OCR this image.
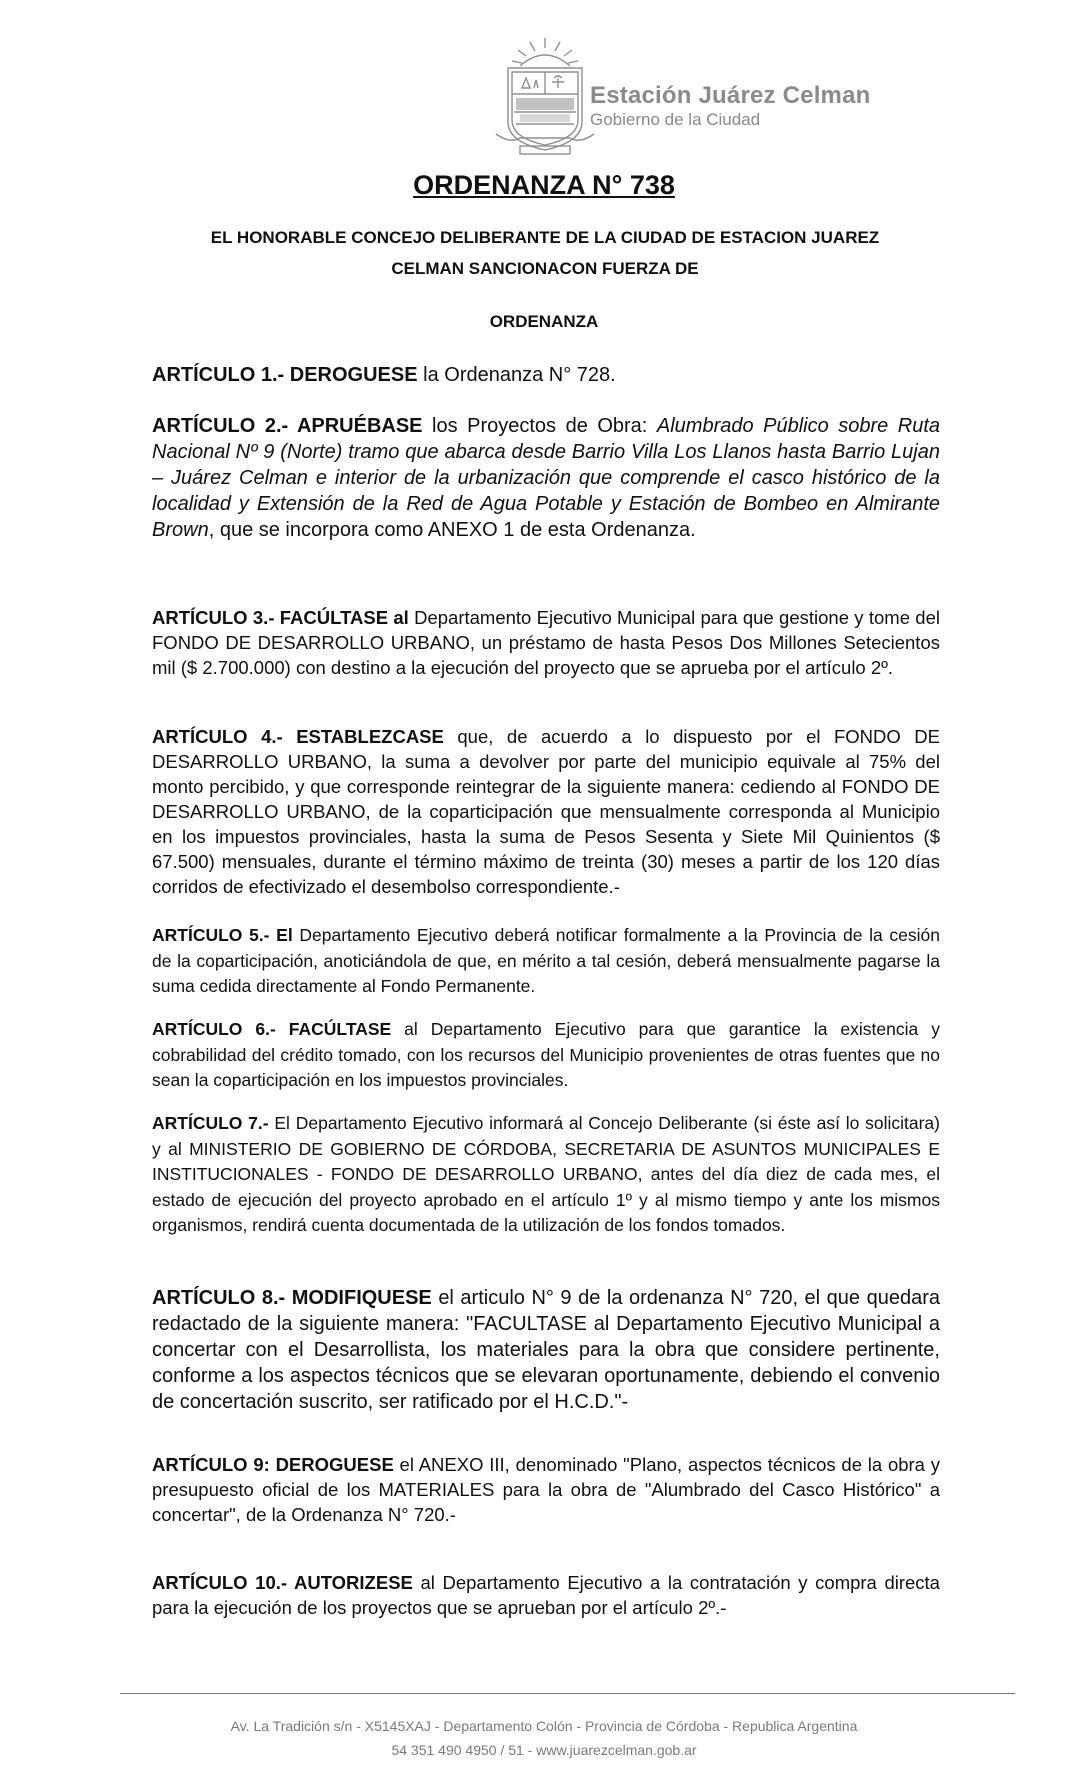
Estación Juárez Celman
Gobierno de la Ciudad
ORDENANZA N° 738
EL HONORABLE CONCEJO DELIBERANTE DE LA CIUDAD DE ESTACION JUAREZ
CELMAN SANCIONACON FUERZA DE
ORDENANZA
ARTÍCULO 1.- DEROGUESE la Ordenanza N° 728.
ARTÍCULO 2.- APRUÉBASE los Proyectos de Obra: Alumbrado Público sobre Ruta Nacional Nº 9 (Norte) tramo que abarca desde Barrio Villa Los Llanos hasta Barrio Lujan – Juárez Celman e interior de la urbanización que comprende el casco histórico de la localidad y Extensión de la Red de Agua Potable y Estación de Bombeo en Almirante Brown, que se incorpora como ANEXO 1 de esta Ordenanza.
ARTÍCULO 3.- FACÚLTASE al Departamento Ejecutivo Municipal para que gestione y tome del FONDO DE DESARROLLO URBANO, un préstamo de hasta Pesos Dos Millones Setecientos mil ($ 2.700.000) con destino a la ejecución del proyecto que se aprueba por el artículo 2º.
ARTÍCULO 4.- ESTABLEZCASE que, de acuerdo a lo dispuesto por el FONDO DE DESARROLLO URBANO, la suma a devolver por parte del municipio equivale al 75% del monto percibido, y que corresponde reintegrar de la siguiente manera: cediendo al FONDO DE DESARROLLO URBANO, de la coparticipación que mensualmente corresponda al Municipio en los impuestos provinciales, hasta la suma de Pesos Sesenta y Siete Mil Quinientos ($ 67.500) mensuales, durante el término máximo de treinta (30) meses a partir de los 120 días corridos de efectivizado el desembolso correspondiente.-
ARTÍCULO 5.- El Departamento Ejecutivo deberá notificar formalmente a la Provincia de la cesión de la coparticipación, anoticiándola de que, en mérito a tal cesión, deberá mensualmente pagarse la suma cedida directamente al Fondo Permanente.
ARTÍCULO 6.- FACÚLTASE al Departamento Ejecutivo para que garantice la existencia y cobrabilidad del crédito tomado, con los recursos del Municipio provenientes de otras fuentes que no sean la coparticipación en los impuestos provinciales.
ARTÍCULO 7.- El Departamento Ejecutivo informará al Concejo Deliberante (si éste así lo solicitara) y al MINISTERIO DE GOBIERNO DE CÓRDOBA, SECRETARIA DE ASUNTOS MUNICIPALES E INSTITUCIONALES - FONDO DE DESARROLLO URBANO, antes del día diez de cada mes, el estado de ejecución del proyecto aprobado en el artículo 1º y al mismo tiempo y ante los mismos organismos, rendirá cuenta documentada de la utilización de los fondos tomados.
ARTÍCULO 8.- MODIFIQUESE el articulo N° 9 de la ordenanza N° 720, el que quedara redactado de la siguiente manera: "FACULTASE al Departamento Ejecutivo Municipal a concertar con el Desarrollista, los materiales para la obra que considere pertinente, conforme a los aspectos técnicos que se elevaran oportunamente, debiendo el convenio de concertación suscrito, ser ratificado por el H.C.D."-
ARTÍCULO 9: DEROGUESE el ANEXO III, denominado "Plano, aspectos técnicos de la obra y presupuesto oficial de los MATERIALES para la obra de "Alumbrado del Casco Histórico" a concertar", de la Ordenanza N° 720.-
ARTÍCULO 10.- AUTORIZESE al Departamento Ejecutivo a la contratación y compra directa para la ejecución de los proyectos que se aprueban por el artículo 2º.-
Av. La Tradición s/n - X5145XAJ - Departamento Colón - Provincia de Córdoba - Republica Argentina
54 351 490 4950 / 51 - www.juarezcelman.gob.ar
